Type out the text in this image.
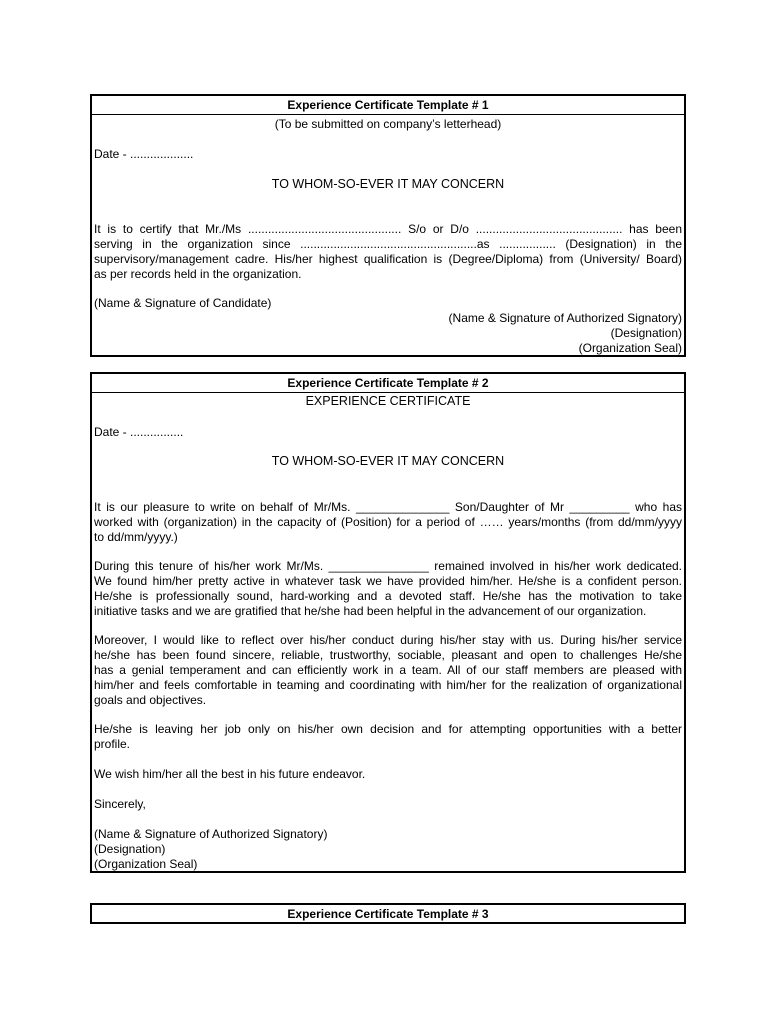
Experience Certificate Template # 1
(To be submitted on company’s letterhead)
Date - ...................
TO WHOM-SO-EVER IT MAY CONCERN
It is to certify that Mr./Ms .............................................. S/o or D/o ............................................ has been
serving in the organization since .....................................................as ................. (Designation) in the
supervisory/management cadre. His/her highest qualification is (Degree/Diploma) from (University/ Board)
as per records held in the organization.
(Name & Signature of Candidate)
(Name & Signature of Authorized Signatory)
(Designation)
(Organization Seal)
Experience Certificate Template # 2
EXPERIENCE CERTIFICATE
Date - ................
TO WHOM-SO-EVER IT MAY CONCERN
It is our pleasure to write on behalf of Mr/Ms. ______________ Son/Daughter of Mr _________ who has
worked with (organization) in the capacity of (Position) for a period of …… years/months (from dd/mm/yyyy
to dd/mm/yyyy.)
During this tenure of his/her work Mr/Ms. _______________ remained involved in his/her work dedicated.
We found him/her pretty active in whatever task we have provided him/her. He/she is a confident person.
He/she is professionally sound, hard-working and a devoted staff. He/she has the motivation to take
initiative tasks and we are gratified that he/she had been helpful in the advancement of our organization.
Moreover, I would like to reflect over his/her conduct during his/her stay with us. During his/her service
he/she has been found sincere, reliable, trustworthy, sociable, pleasant and open to challenges He/she
has a genial temperament and can efficiently work in a team. All of our staff members are pleased with
him/her and feels comfortable in teaming and coordinating with him/her for the realization of organizational
goals and objectives.
He/she is leaving her job only on his/her own decision and for attempting opportunities with a better
profile.
We wish him/her all the best in his future endeavor.
Sincerely,
(Name & Signature of Authorized Signatory)
(Designation)
(Organization Seal)
Experience Certificate Template # 3
